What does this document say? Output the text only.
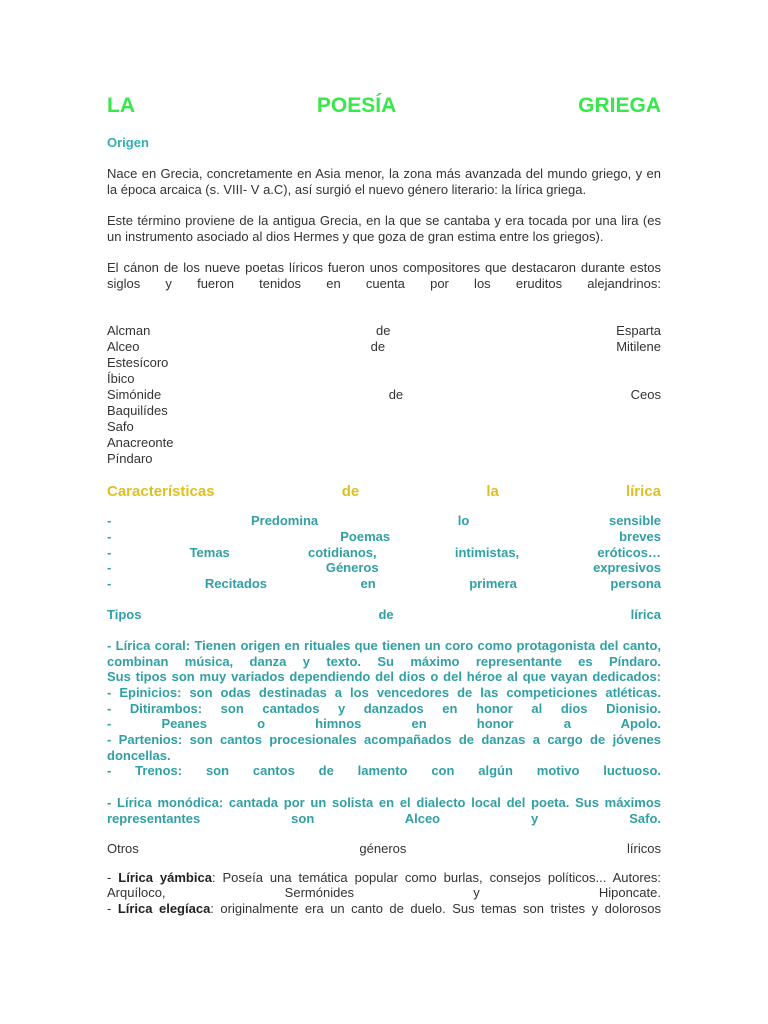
LA	POESÍA	GRIEGA
Origen

Nace en Grecia, concretamente en Asia menor, la zona más avanzada del mundo griego, y en la época arcaica (s. VIII- V a.C), así surgió el nuevo género literario: la lírica griega.

Este término proviene de la antigua Grecia, en la que se cantaba y era tocada por una lira (es un instrumento asociado al dios Hermes y que goza de gran estima entre los griegos).

El cánon de los nueve poetas líricos fueron unos compositores que destacaron durante estos siglos y fueron tenidos en cuenta por los eruditos alejandrinos:

Alcman	de	Esparta
Alceo	de	Mitilene
Estesícoro
Íbico
Simónide	de	Ceos
Baquilídes
Safo
Anacreonte
Píndaro
Características	de	la	lírica
-	Predomina	lo	sensible
-	Poemas	breves
-	Temas	cotidianos,	intimistas,	eróticos…
-	Géneros	expresivos
-	Recitados	en	primera	persona
Tipos	de	lírica
- Lírica coral: Tienen origen en rituales que tienen un coro como protagonista del canto,
combinan música, danza y texto. Su máximo representante es Píndaro.
Sus tipos son muy variados dependiendo del dios o del héroe al que vayan dedicados:
- Epinicios: son odas destinadas a los vencedores de las competiciones atléticas.
- Ditirambos: son cantados y danzados en honor al dios Dionisio.
- Peanes o himnos en honor a Apolo.
- Partenios: son cantos procesionales acompañados de danzas a cargo de jóvenes
doncellas.
- Trenos: son cantos de lamento con algún motivo luctuoso.
- Lírica monódica: cantada por un solista en el dialecto local del poeta. Sus máximos
representantes son Alceo y Safo.
Otros	géneros	líricos
- Lírica yámbica: Poseía una temática popular como burlas, consejos políticos... Autores:
Arquíloco, Sermónides y Hiponcate.
- Lírica elegíaca: originalmente era un canto de duelo. Sus temas son tristes y dolorosos
